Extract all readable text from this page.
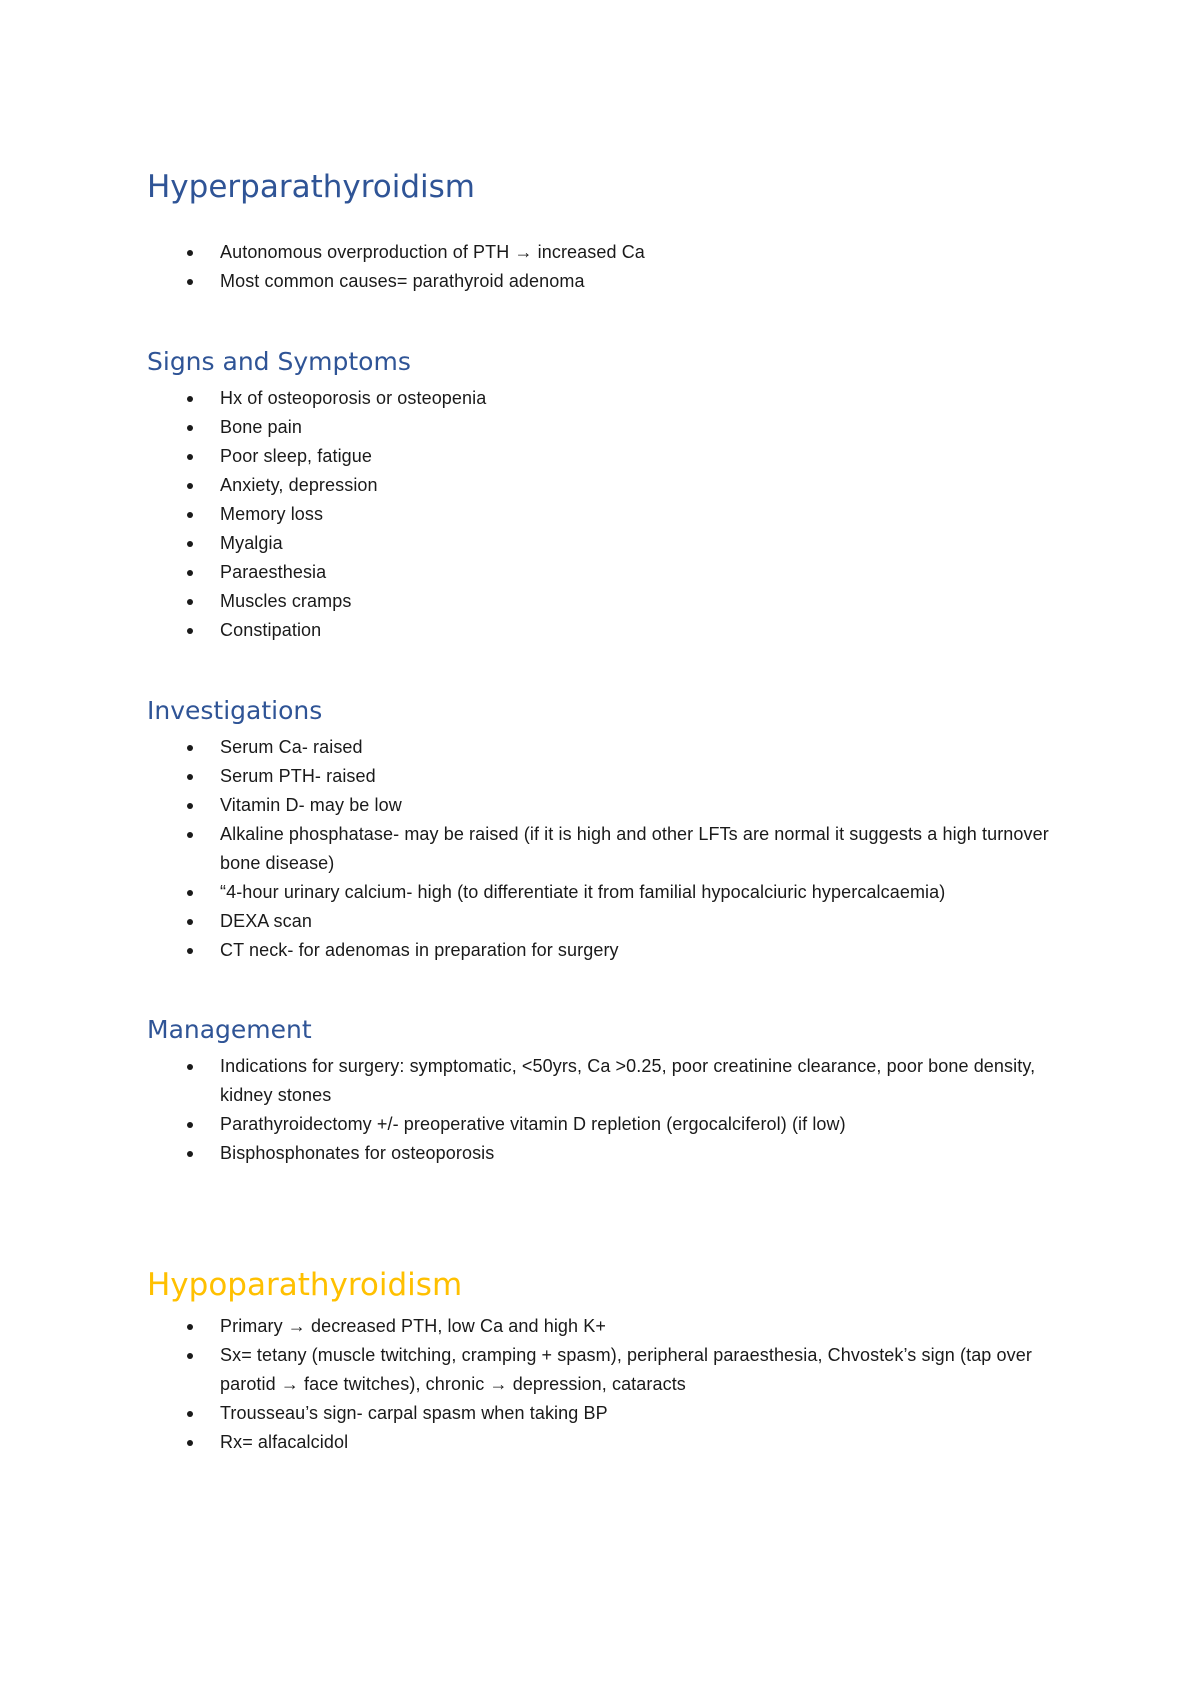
Hyperparathyroidism
Autonomous overproduction of PTH → increased Ca
Most common causes= parathyroid adenoma
Signs and Symptoms
Hx of osteoporosis or osteopenia
Bone pain
Poor sleep, fatigue
Anxiety, depression
Memory loss
Myalgia
Paraesthesia
Muscles cramps
Constipation
Investigations
Serum Ca- raised
Serum PTH- raised
Vitamin D- may be low
Alkaline phosphatase- may be raised (if it is high and other LFTs are normal it suggests a high turnover bone disease)
“4-hour urinary calcium- high (to differentiate it from familial hypocalciuric hypercalcaemia)
DEXA scan
CT neck- for adenomas in preparation for surgery
Management
Indications for surgery: symptomatic, <50yrs, Ca >0.25, poor creatinine clearance, poor bone density, kidney stones
Parathyroidectomy +/- preoperative vitamin D repletion (ergocalciferol) (if low)
Bisphosphonates for osteoporosis
Hypoparathyroidism
Primary → decreased PTH, low Ca and high K+
Sx= tetany (muscle twitching, cramping + spasm), peripheral paraesthesia, Chvostek’s sign (tap over parotid → face twitches), chronic → depression, cataracts
Trousseau’s sign- carpal spasm when taking BP
Rx= alfacalcidol
